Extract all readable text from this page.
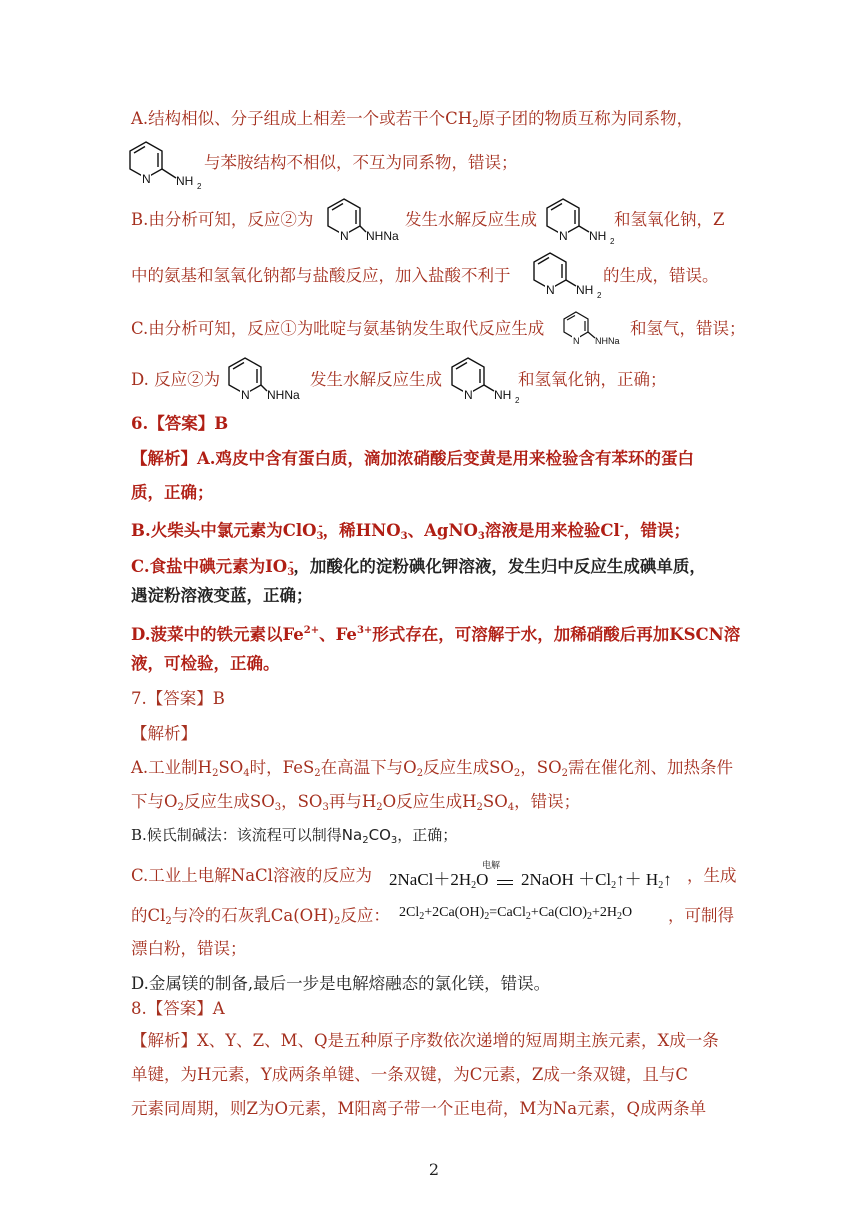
A.结构相似、分子组成上相差一个或若干个$CH_2$原子团的物质互称为同系物，
N NH 2
与苯胺结构不相似，不互为同系物，错误；
B.由分析可知，反应②为
N NHNa
发生水解反应生成
N NH 2
和氢氧化钠，Z
中的氨基和氢氧化钠都与盐酸反应，加入盐酸不利于
N NH 2
的生成，错误。
C.由分析可知，反应①为吡啶与氨基钠发生取代反应生成
N NHNa
和氢气，错误；
D. 反应②为
N NHNa
发生水解反应生成
N NH 2
和氢氧化钠，正确；
6.【答案】B
【解析】A.鸡皮中含有蛋白质，滴加浓硝酸后变黄是用来检验含有苯环的蛋白
质，正确；
B.火柴头中氯元素为ClO$_3$-，稀$HNO_3$、AgNO$_3$溶液是用来检验Cl-，错误；
C.食盐中碘元素为$IO_3^-$，加酸化的淀粉碘化钾溶液，发生归中反应生成碘单质，
遇淀粉溶液变蓝，正确；
D.菠菜中的铁元素以$Fe^{2+}$、$Fe^{3+}$形式存在，可溶解于水，加稀硝酸后再加KSCN溶
液，可检验，正确。
7.【答案】B
【解析】
A.工业制$H_2SO_4$时，FeS$_2$在高温下与$O_2$反应生成$SO_2$，$SO_2$需在催化剂、加热条件
下与$O_2$反应生成$SO_3$，$SO_3$再与$H_2O$反应生成$H_2SO_4$，错误；
B.候氏制碱法：该流程可以制得$Na_2CO_3$，正确；
C.工业上电解NaCl溶液的反应为
电解
$2NaCl+2H_2O$ 2NaOH $+Cl_2↑+$ $H_2↑$ ，生成
的$Cl_2$与冷的石灰乳$Ca(OH)_2$反应： $2Cl_2+2Ca(OH)_2=CaCl_2+Ca(ClO)_2+2H_2O$ ，可制得
漂白粉，错误；
D.金属镁的制备,最后一步是电解熔融态的氯化镁，错误。
8.【答案】A
【解析】X、Y、Z、M、Q是五种原子序数依次递增的短周期主族元素，X成一条
单键，为H元素，Y成两条单键、一条双键，为C元素，Z成一条双键，且与C
元素同周期，则Z为O元素，M阳离子带一个正电荷，M为Na元素，Q成两条单
2
